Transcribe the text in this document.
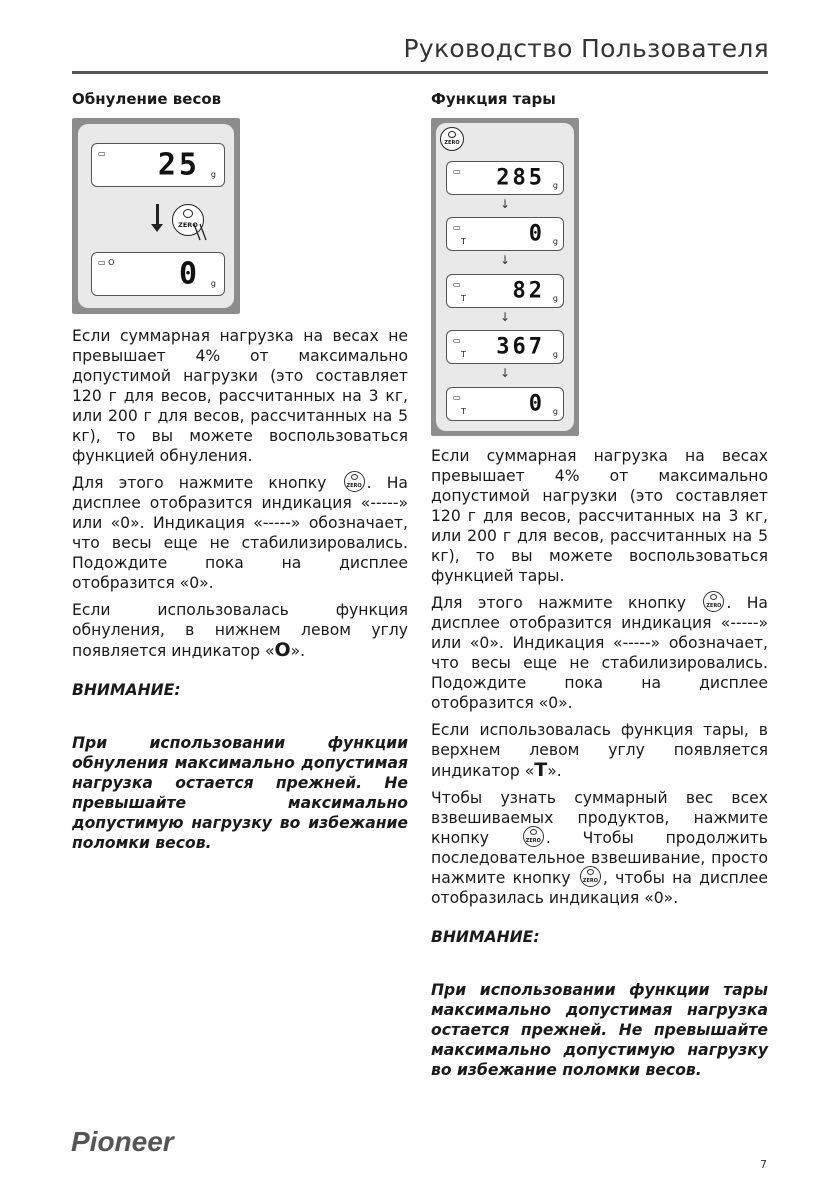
Руководство Пользователя
Обнуление весов
▭ 25 g
ZERO
▭ O 0 g

Если суммарная нагрузка на весах не превышает 4% от максимально допустимой нагрузки (это составляет 120 г для весов, рассчитанных на 3 кг, или 200 г для весов, рассчитанных на 5 кг), то вы можете воспользоваться функцией обнуления.

Для этого нажмите кнопку	ZERO . На дисплее отобразится индикация «-----» или «0». Индикация «-----» обозначает, что весы еще не стабилизировались. Подождите пока на дисплее отобразится «0».

Если использовалась функция обнуления, в нижнем левом углу появляется индикатор «O».

ВНИМАНИЕ:

При использовании функции обнуления максимально допустимая нагрузка остается прежней. Не превышайте максимально допустимую нагрузку во избежание поломки весов.

Функция тары
ZERO
▭ 285 g
↓
▭
T	0 g
↓
▭
T 82 g
↓
▭
T 367 g
↓
▭
T	0 g

Если суммарная нагрузка на весах превышает 4% от максимально допустимой нагрузки (это составляет 120 г для весов, рассчитанных на 3 кг, или 200 г для весов, рассчитанных на 5 кг), то вы можете воспользоваться функцией тары.

Для этого нажмите кнопку	ZERO . На дисплее отобразится индикация «-----» или «0». Индикация «-----» обозначает, что весы еще не стабилизировались. Подождите пока на дисплее отобразится «0».

Если использовалась функция тары, в верхнем левом углу появляется индикатор «T».

Чтобы узнать суммарный вес всех взвешиваемых продуктов, нажмите кнопку	ZERO . Чтобы продолжить последовательное взвешивание, просто нажмите кнопку	ZERO , чтобы на дисплее отобразилась индикация «0».

ВНИМАНИЕ:

При использовании функции тары максимально допустимая нагрузка остается прежней. Не превышайте максимально допустимую нагрузку во избежание поломки весов.

Pioneer
7
